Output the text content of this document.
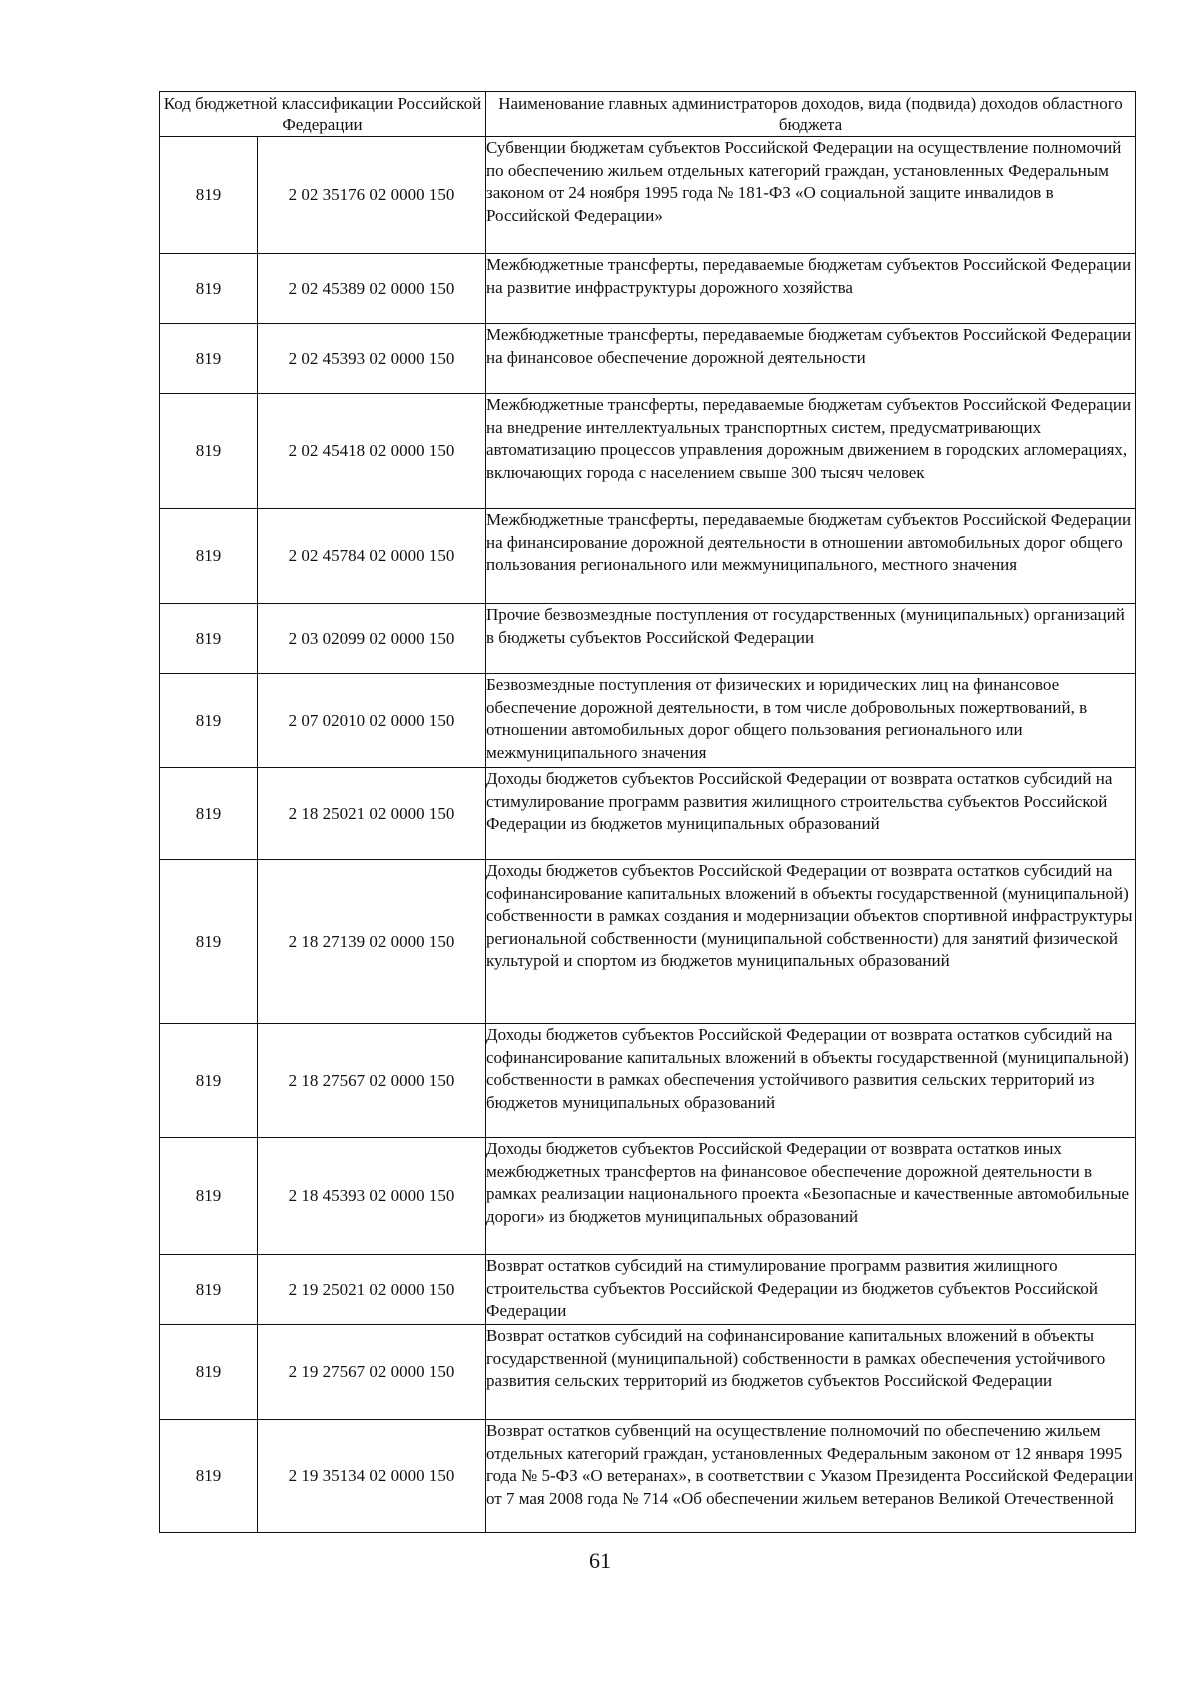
Код бюджетной классификации Российской Федерации		Наименование главных администраторов доходов, вида (подвида) доходов областного бюджета
819	2 02 35176 02 0000 150	Субвенции бюджетам субъектов Российской Федерации на осуществление полномочий по обеспечению жильем отдельных категорий граждан, установленных Федеральным законом от 24 ноября 1995 года № 181-ФЗ «О социальной защите инвалидов в Российской Федерации»
819	2 02 45389 02 0000 150	Межбюджетные трансферты, передаваемые бюджетам субъектов Российской Федерации на развитие инфраструктуры дорожного хозяйства
819	2 02 45393 02 0000 150	Межбюджетные трансферты, передаваемые бюджетам субъектов Российской Федерации на финансовое обеспечение дорожной деятельности
819	2 02 45418 02 0000 150	Межбюджетные трансферты, передаваемые бюджетам субъектов Российской Федерации на внедрение интеллектуальных транспортных систем, предусматривающих автоматизацию процессов управления дорожным движением в городских агломерациях, включающих города с населением свыше 300 тысяч человек
819	2 02 45784 02 0000 150	Межбюджетные трансферты, передаваемые бюджетам субъектов Российской Федерации на финансирование дорожной деятельности в отношении автомобильных дорог общего пользования регионального или межмуниципального, местного значения
819	2 03 02099 02 0000 150	Прочие безвозмездные поступления от государственных (муниципальных) организаций в бюджеты субъектов Российской Федерации
819	2 07 02010 02 0000 150	Безвозмездные поступления от физических и юридических лиц на финансовое обеспечение дорожной деятельности, в том числе добровольных пожертвований, в отношении автомобильных дорог общего пользования регионального или межмуниципального значения
819	2 18 25021 02 0000 150	Доходы бюджетов субъектов Российской Федерации от возврата остатков субсидий на стимулирование программ развития жилищного строительства субъектов Российской Федерации из бюджетов муниципальных образований
819	2 18 27139 02 0000 150	Доходы бюджетов субъектов Российской Федерации от возврата остатков субсидий на софинансирование капитальных вложений в объекты государственной (муниципальной) собственности в рамках создания и модернизации объектов спортивной инфраструктуры региональной собственности (муниципальной собственности) для занятий физической культурой и спортом из бюджетов муниципальных образований
819	2 18 27567 02 0000 150	Доходы бюджетов субъектов Российской Федерации от возврата остатков субсидий на софинансирование капитальных вложений в объекты государственной (муниципальной) собственности в рамках обеспечения устойчивого развития сельских территорий из бюджетов муниципальных образований
819	2 18 45393 02 0000 150	Доходы бюджетов субъектов Российской Федерации от возврата остатков иных межбюджетных трансфертов на финансовое обеспечение дорожной деятельности в рамках реализации национального проекта «Безопасные и качественные автомобильные дороги» из бюджетов муниципальных образований
819	2 19 25021 02 0000 150	Возврат остатков субсидий на стимулирование программ развития жилищного строительства субъектов Российской Федерации из бюджетов субъектов Российской Федерации
819	2 19 27567 02 0000 150	Возврат остатков субсидий на софинансирование капитальных вложений в объекты государственной (муниципальной) собственности в рамках обеспечения устойчивого развития сельских территорий из бюджетов субъектов Российской Федерации
819	2 19 35134 02 0000 150	Возврат остатков субвенций на осуществление полномочий по обеспечению жильем отдельных категорий граждан, установленных Федеральным законом от 12 января 1995 года № 5-ФЗ «О ветеранах», в соответствии с Указом Президента Российской Федерации от 7 мая 2008 года № 714 «Об обеспечении жильем ветеранов Великой Отечественной
61
